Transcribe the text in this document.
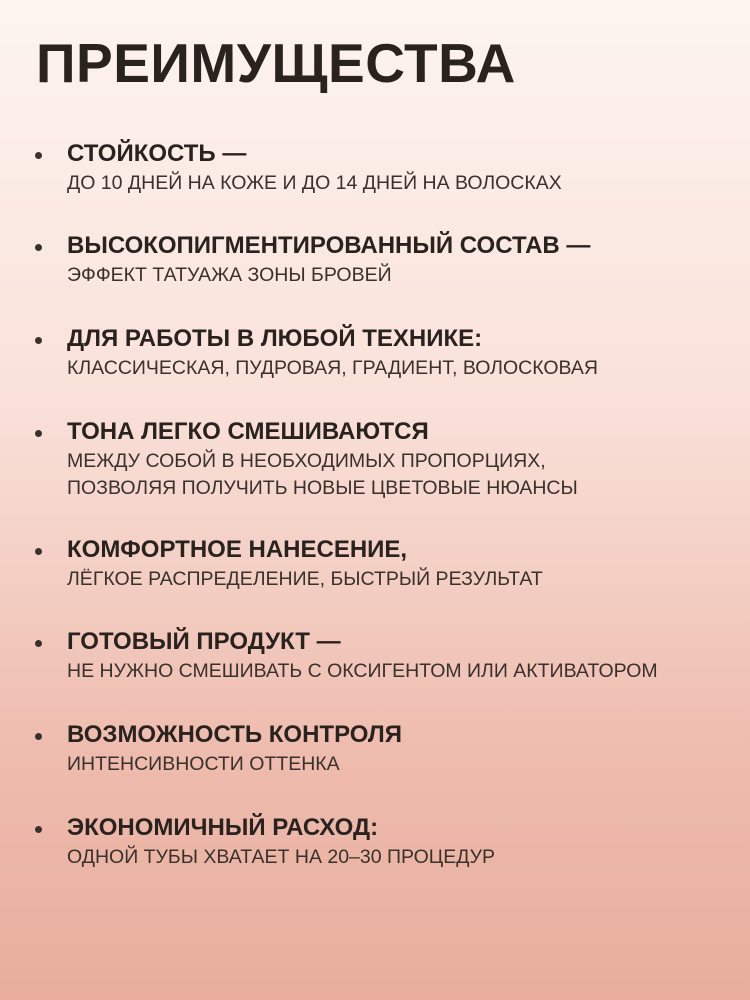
ПРЕИМУЩЕСТВА
СТОЙКОСТЬ —
ДО 10 ДНЕЙ НА КОЖЕ И ДО 14 ДНЕЙ НА ВОЛОСКАХ
ВЫСОКОПИГМЕНТИРОВАННЫЙ СОСТАВ —
ЭФФЕКТ ТАТУАЖА ЗОНЫ БРОВЕЙ
ДЛЯ РАБОТЫ В ЛЮБОЙ ТЕХНИКЕ:
КЛАССИЧЕСКАЯ, ПУДРОВАЯ, ГРАДИЕНТ, ВОЛОСКОВАЯ
ТОНА ЛЕГКО СМЕШИВАЮТСЯ
МЕЖДУ СОБОЙ В НЕОБХОДИМЫХ ПРОПОРЦИЯХ,
ПОЗВОЛЯЯ ПОЛУЧИТЬ НОВЫЕ ЦВЕТОВЫЕ НЮАНСЫ
КОМФОРТНОЕ НАНЕСЕНИЕ,
ЛЁГКОЕ РАСПРЕДЕЛЕНИЕ, БЫСТРЫЙ РЕЗУЛЬТАТ
ГОТОВЫЙ ПРОДУКТ —
НЕ НУЖНО СМЕШИВАТЬ С ОКСИГЕНТОМ ИЛИ АКТИВАТОРОМ
ВОЗМОЖНОСТЬ КОНТРОЛЯ
ИНТЕНСИВНОСТИ ОТТЕНКА
ЭКОНОМИЧНЫЙ РАСХОД:
ОДНОЙ ТУБЫ ХВАТАЕТ НА 20–30 ПРОЦЕДУР
